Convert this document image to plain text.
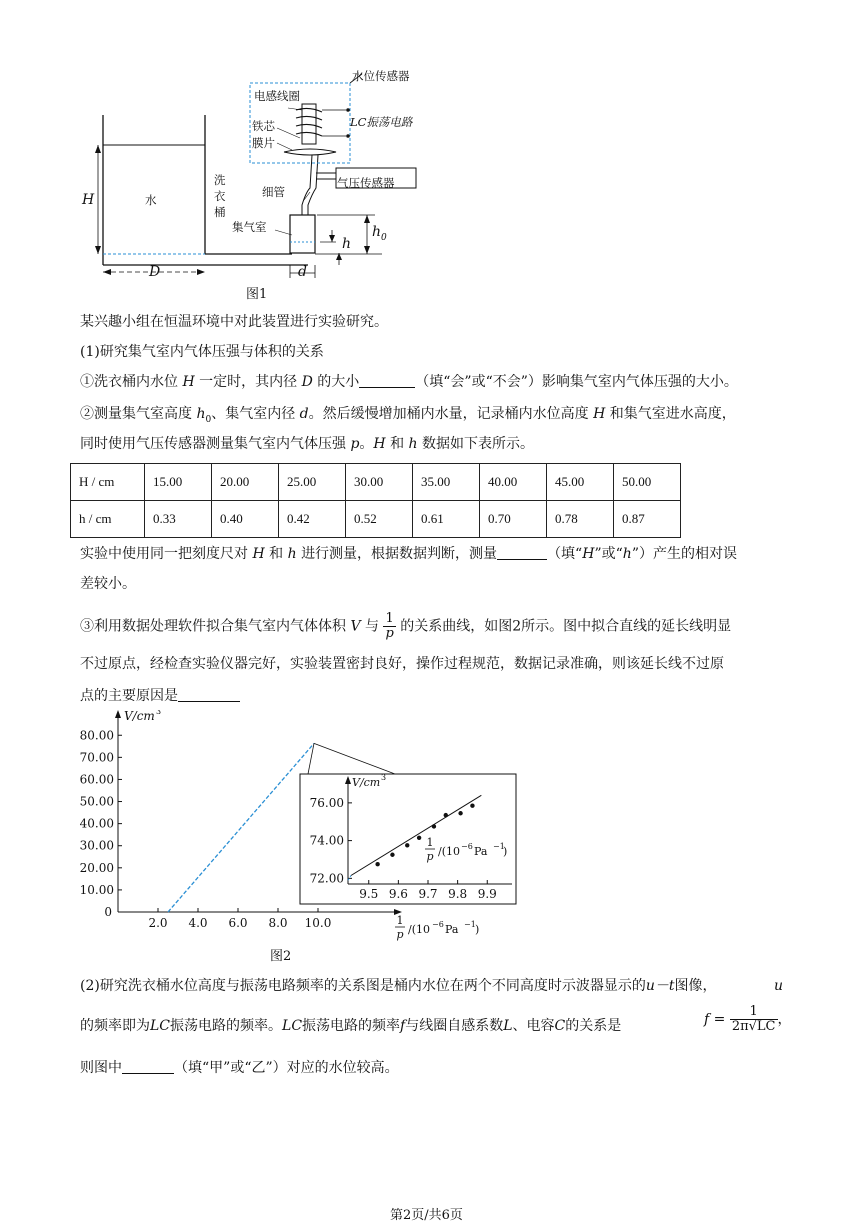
水位传感器
电感线圈
LC振荡电路
铁芯
膜片
气压传感器
细管
水
洗衣桶
集气室
H
D	d
h
$h_0$
图1
某兴趣小组在恒温环境中对此装置进行实验研究。
(1)研究集气室内气体压强与体积的关系
①洗衣桶内水位 H 一定时，其内径 D 的大小	（填“会”或“不会”）影响集气室内气体压强的大小。
②测量集气室高度 $h_0$、集气室内径 d。然后缓慢增加桶内水量，记录桶内水位高度 H 和集气室进水高度，
同时使用气压传感器测量集气室内气体压强 p。H 和 h 数据如下表所示。
H / cm	15.00	20.00	25.00	30.00	35.00	40.00	45.00	50.00
h / cm	0.33	0.40	0.42	0.52	0.61	0.70	0.78	0.87
实验中使用同一把刻度尺对 H 和 h 进行测量，根据数据判断，测量	（填“H”或“h”）产生的相对误
差较小。
③利用数据处理软件拟合集气室内气体体积 V 与 $\frac{1}{p}$ 的关系曲线，如图2所示。图中拟合直线的延长线明显
不过原点，经检查实验仪器完好，实验装置密封良好，操作过程规范，数据记录准确，则该延长线不过原
点的主要原因是
V/cm 3
10.00
20.00
30.00
40.00
50.00
60.00
70.00
80.00
0
2.0 4.0 6.0 8.0 10.0	1
p /(10 −6 Pa −1 )
图2
V/cm 3
72.00
74.00
76.00
9.5 9.6 9.7 9.8 9.9
1
p /(10 −6 Pa −1
)
(2)研究洗衣桶水位高度与振荡电路频率的关系图是桶内水位在两个不同高度时示波器显示的u－t图像，	u
的频率即为LC振荡电路的频率。LC振荡电路的频率f与线圈自感系数L、电容C的关系是	$f = \frac{1}{2\pi√LC}$ ，
则图中	（填“甲”或“乙”）对应的水位较高。
第2页/共6页
